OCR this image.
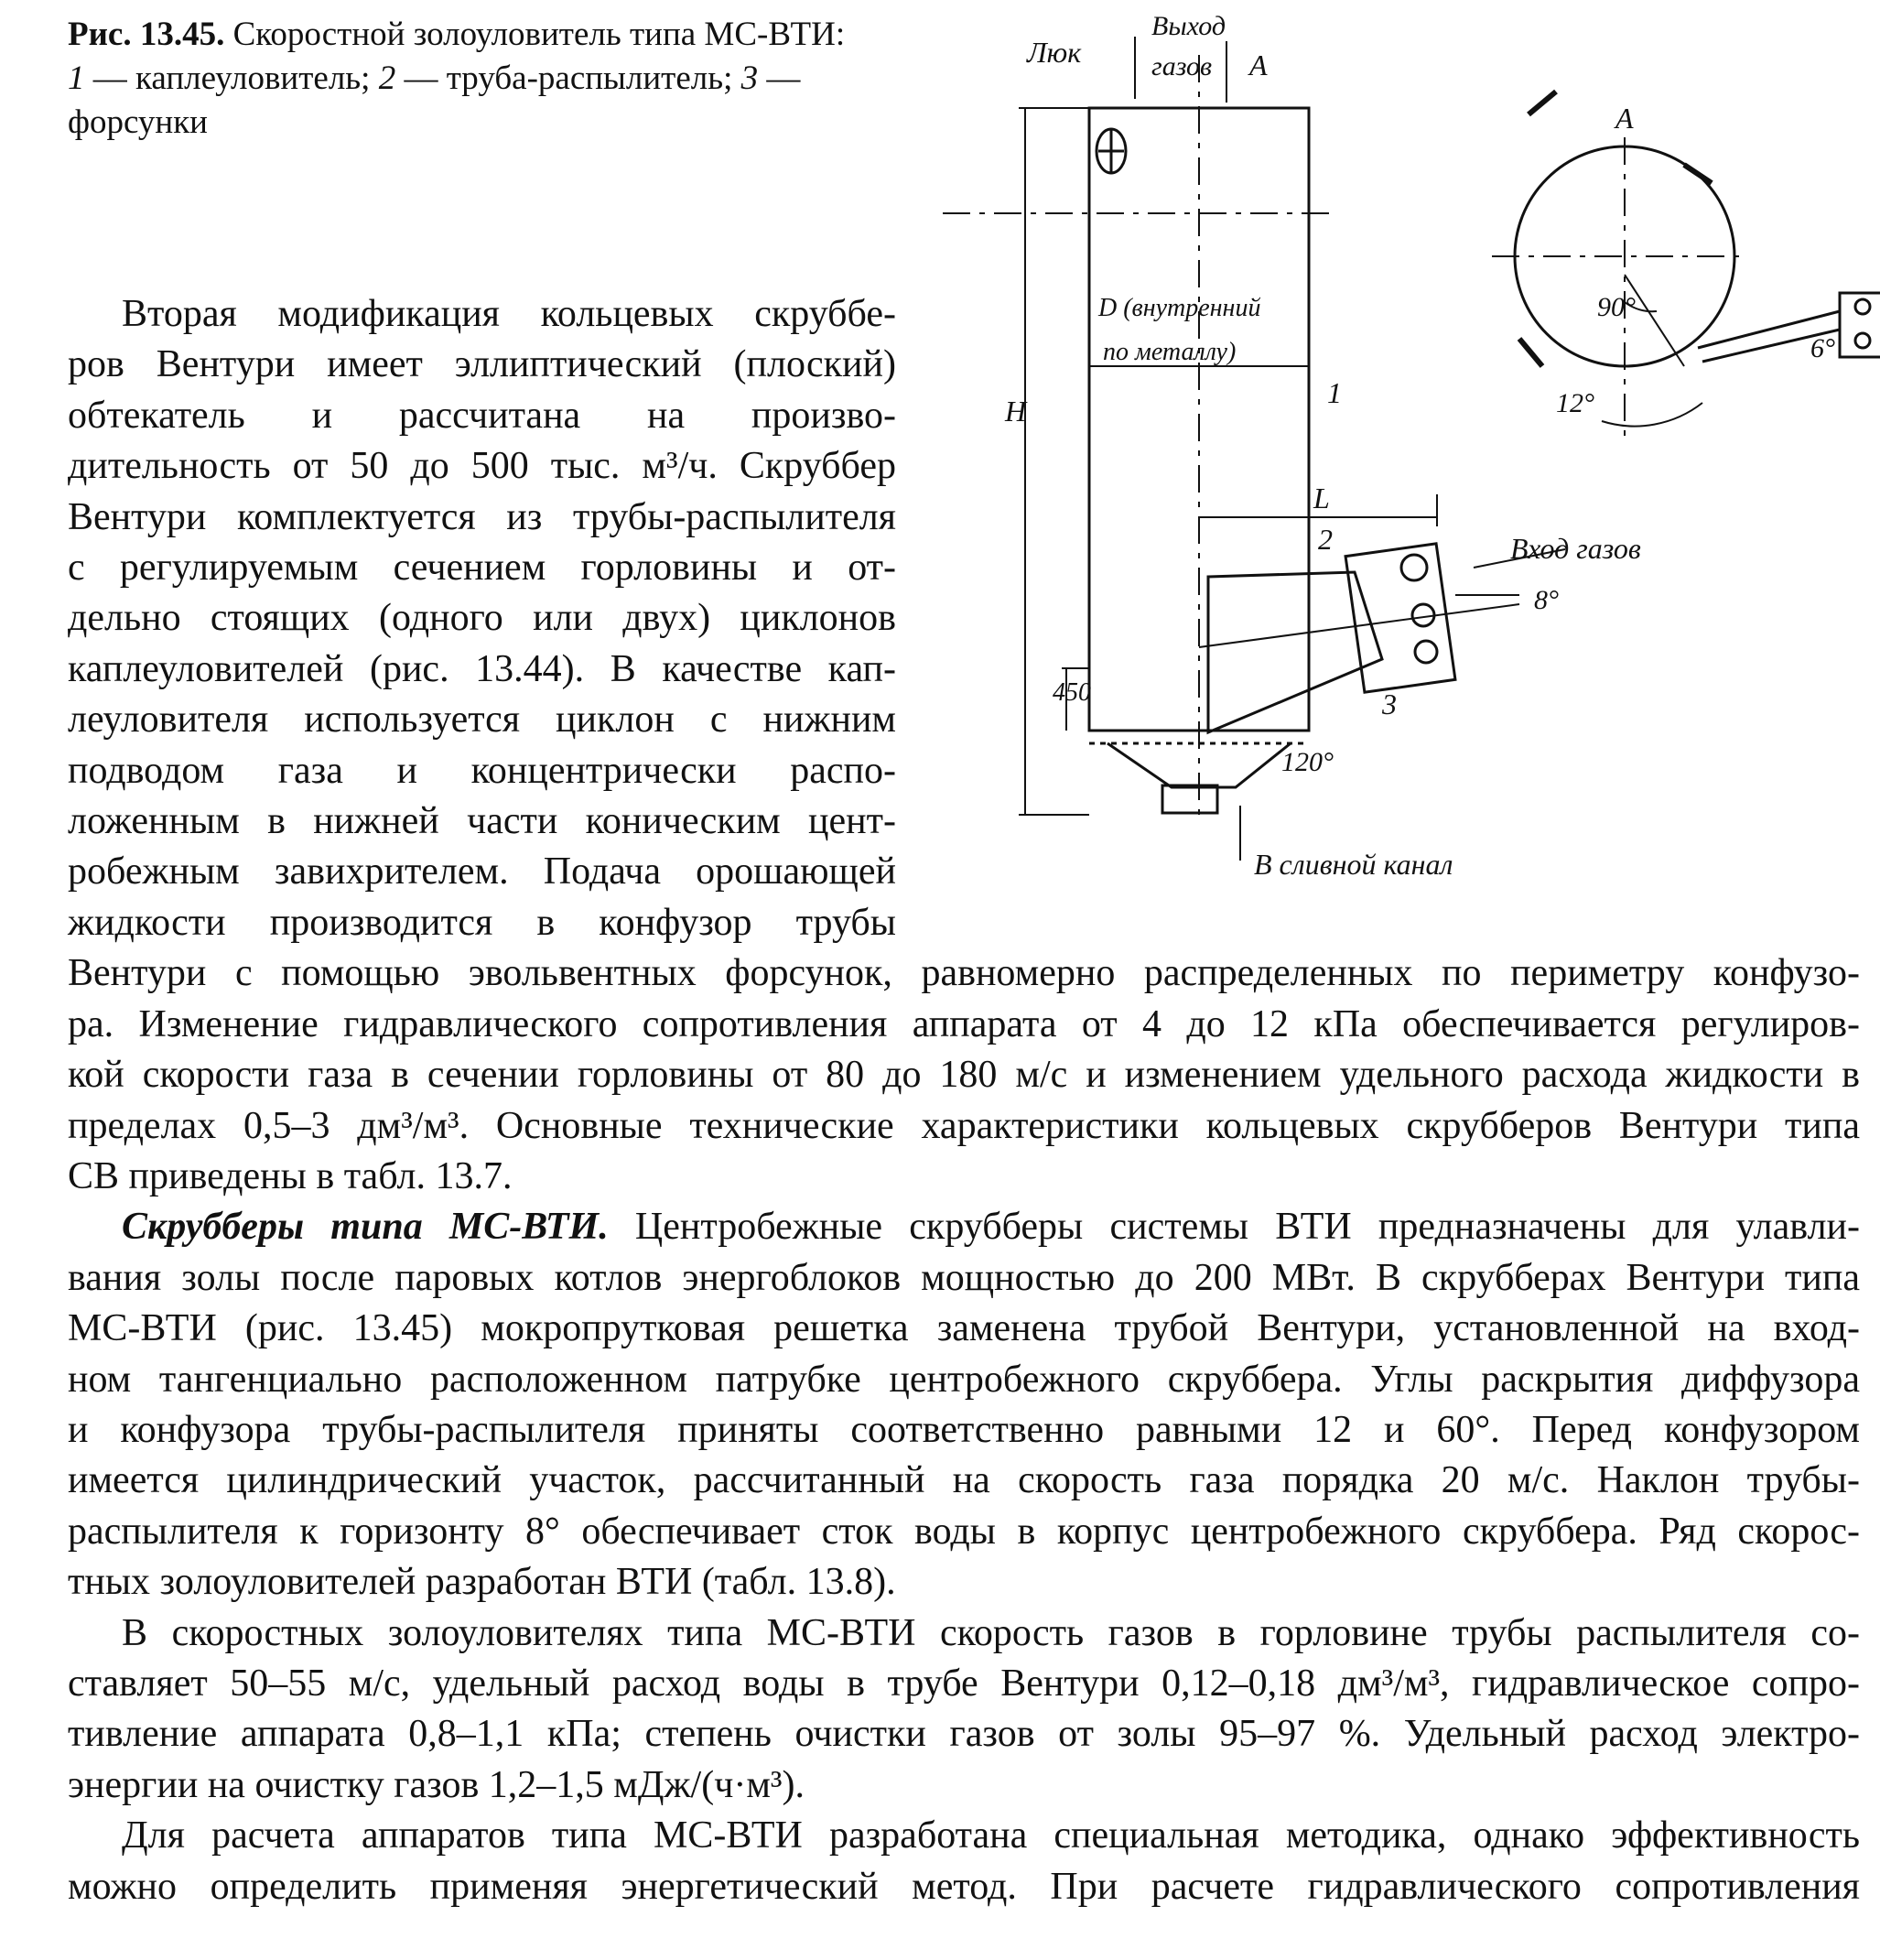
Рис. 13.45. Скоростной золоуловитель типа МС-ВТИ:
1 — каплеуловитель; 2 — труба-распылитель; 3 —
форсунки
Люк
Выход
газов А
А
D (внутренний
по металлу)
Н
1
2
3
L
Вход газов
8°
90°
6°
12°
120°
450
В сливной канал
Вторая модификация кольцевых скруббе-
ров Вентури имеет эллиптический (плоский)
обтекатель и рассчитана на произво-
дительность от 50 до 500 тыс. м³/ч. Скруббер
Вентури комплектуется из трубы-распылителя
с регулируемым сечением горловины и от-
дельно стоящих (одного или двух) циклонов
каплеуловителей (рис. 13.44). В качестве кап-
леуловителя используется циклон с нижним
подводом газа и концентрически распо-
ложенным в нижней части коническим цент-
робежным завихрителем. Подача орошающей
жидкости производится в конфузор трубы
Вентури с помощью эвольвентных форсунок, равномерно распределенных по периметру конфузо-
ра. Изменение гидравлического сопротивления аппарата от 4 до 12 кПа обеспечивается регулиров-
кой скорости газа в сечении горловины от 80 до 180 м/с и изменением удельного расхода жидкости в
пределах 0,5–3 дм³/м³. Основные технические характеристики кольцевых скрубберов Вентури типа
СВ приведены в табл. 13.7.
Скрубберы типа МС-ВТИ. Центробежные скрубберы системы ВТИ предназначены для улавли-
вания золы после паровых котлов энергоблоков мощностью до 200 МВт. В скрубберах Вентури типа
МС-ВТИ (рис. 13.45) мокропрутковая решетка заменена трубой Вентури, установленной на вход-
ном тангенциально расположенном патрубке центробежного скруббера. Углы раскрытия диффузора
и конфузора трубы-распылителя приняты соответственно равными 12 и 60°. Перед конфузором
имеется цилиндрический участок, рассчитанный на скорость газа порядка 20 м/с. Наклон трубы-
распылителя к горизонту 8° обеспечивает сток воды в корпус центробежного скруббера. Ряд скорос-
тных золоуловителей разработан ВТИ (табл. 13.8).
В скоростных золоуловителях типа МС-ВТИ скорость газов в горловине трубы распылителя со-
ставляет 50–55 м/с, удельный расход воды в трубе Вентури 0,12–0,18 дм³/м³, гидравлическое сопро-
тивление аппарата 0,8–1,1 кПа; степень очистки газов от золы 95–97 %. Удельный расход электро-
энергии на очистку газов 1,2–1,5 мДж/(ч·м³).
Для расчета аппаратов типа МС-ВТИ разработана специальная методика, однако эффективность
можно определить применяя энергетический метод. При расчете гидравлического сопротивления
